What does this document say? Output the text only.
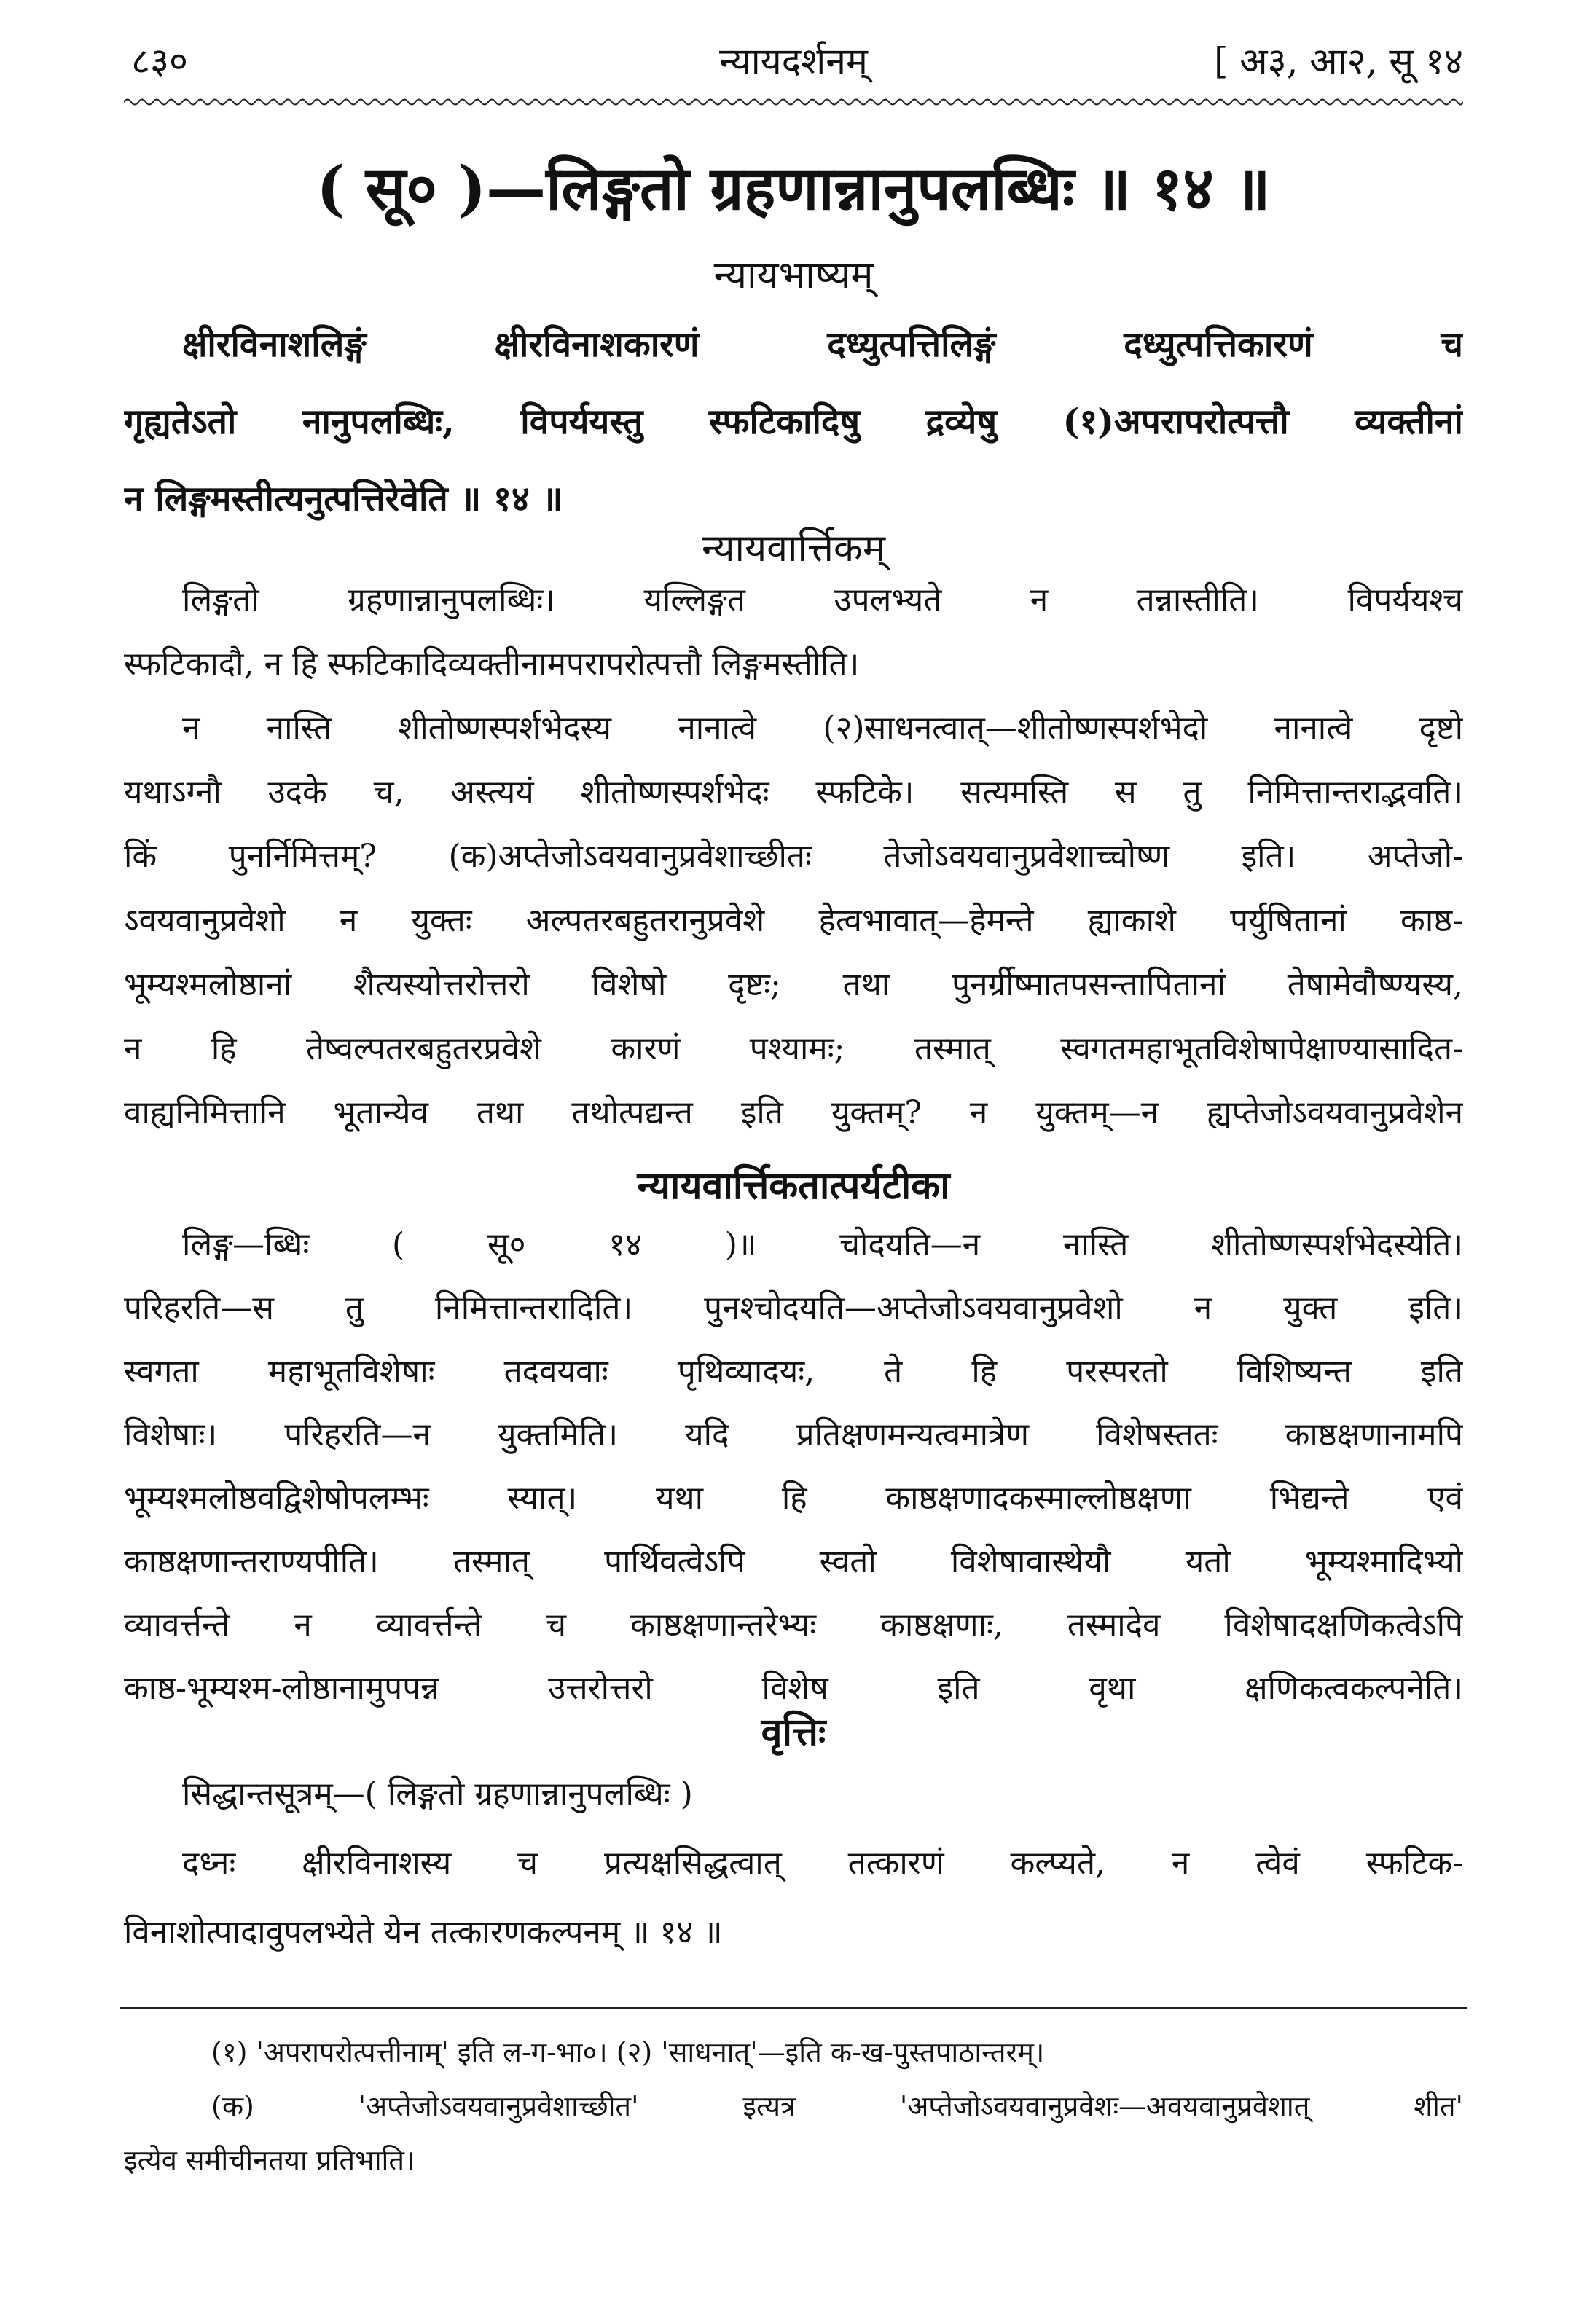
८३०	न्यायदर्शनम्	[ अ३, आ२, सू १४
( सू० )—लिङ्गतो ग्रहणान्नानुपलब्धिः ॥ १४ ॥
न्यायभाष्यम्
क्षीरविनाशलिङ्गं क्षीरविनाशकारणं दध्युत्पत्तिलिङ्गं दध्युत्पत्तिकारणं च
गृह्यतेऽतो नानुपलब्धिः, विपर्ययस्तु स्फटिकादिषु द्रव्येषु (१)अपरापरोत्पत्तौ व्यक्तीनां
न लिङ्गमस्तीत्यनुत्पत्तिरेवेति ॥ १४ ॥
न्यायवार्त्तिकम्
लिङ्गतो ग्रहणान्नानुपलब्धिः। यल्लिङ्गत उपलभ्यते न तन्नास्तीति। विपर्ययश्च
स्फटिकादौ, न हि स्फटिकादिव्यक्तीनामपरापरोत्पत्तौ लिङ्गमस्तीति।
न नास्ति शीतोष्णस्पर्शभेदस्य नानात्वे (२)साधनत्वात्—शीतोष्णस्पर्शभेदो नानात्वे दृष्टो
यथाऽग्नौ उदके च, अस्त्ययं शीतोष्णस्पर्शभेदः स्फटिके। सत्यमस्ति स तु निमित्तान्तराद्भवति।
किं पुनर्निमित्तम्? (क)अप्तेजोऽवयवानुप्रवेशाच्छीतः तेजोऽवयवानुप्रवेशाच्चोष्ण इति। अप्तेजो-
ऽवयवानुप्रवेशो न युक्तः अल्पतरबहुतरानुप्रवेशे हेत्वभावात्—हेमन्ते ह्याकाशे पर्युषितानां काष्ठ-
भूम्यश्मलोष्ठानां शैत्यस्योत्तरोत्तरो विशेषो दृष्टः; तथा पुनर्ग्रीष्मातपसन्तापितानां तेषामेवौष्ण्यस्य,
न हि तेष्वल्पतरबहुतरप्रवेशे कारणं पश्यामः; तस्मात् स्वगतमहाभूतविशेषापेक्षाण्यासादित-
वाह्यनिमित्तानि भूतान्येव तथा तथोत्पद्यन्त इति युक्तम्? न युक्तम्—न ह्यप्तेजोऽवयवानुप्रवेशेन
न्यायवार्त्तिकतात्पर्यटीका
लिङ्ग—ब्धिः ( सू० १४ )॥ चोदयति—न नास्ति शीतोष्णस्पर्शभेदस्येति।
परिहरति—स तु निमित्तान्तरादिति। पुनश्चोदयति—अप्तेजोऽवयवानुप्रवेशो न युक्त इति।
स्वगता महाभूतविशेषाः तदवयवाः पृथिव्यादयः, ते हि परस्परतो विशिष्यन्त इति
विशेषाः। परिहरति—न युक्तमिति। यदि प्रतिक्षणमन्यत्वमात्रेण विशेषस्ततः काष्ठक्षणानामपि
भूम्यश्मलोष्ठवद्विशेषोपलम्भः स्यात्। यथा हि काष्ठक्षणादकस्माल्लोष्ठक्षणा भिद्यन्ते एवं
काष्ठक्षणान्तराण्यपीति। तस्मात् पार्थिवत्वेऽपि स्वतो विशेषावास्थेयौ यतो भूम्यश्मादिभ्यो
व्यावर्त्तन्ते न व्यावर्त्तन्ते च काष्ठक्षणान्तरेभ्यः काष्ठक्षणाः, तस्मादेव विशेषादक्षणिकत्वेऽपि
काष्ठ-भूम्यश्म-लोष्ठानामुपपन्न उत्तरोत्तरो विशेष इति वृथा क्षणिकत्वकल्पनेति।
वृत्तिः
सिद्धान्तसूत्रम्—( लिङ्गतो ग्रहणान्नानुपलब्धिः )
दध्नः क्षीरविनाशस्य च प्रत्यक्षसिद्धत्वात् तत्कारणं कल्प्यते, न त्वेवं स्फटिक-
विनाशोत्पादावुपलभ्येते येन तत्कारणकल्पनम् ॥ १४ ॥
(१) 'अपरापरोत्पत्तीनाम्' इति ल-ग-भा०। (२) 'साधनात्'—इति क-ख-पुस्तपाठान्तरम्।
(क) 'अप्तेजोऽवयवानुप्रवेशाच्छीत' इत्यत्र 'अप्तेजोऽवयवानुप्रवेशः—अवयवानुप्रवेशात् शीत'
इत्येव समीचीनतया प्रतिभाति।
